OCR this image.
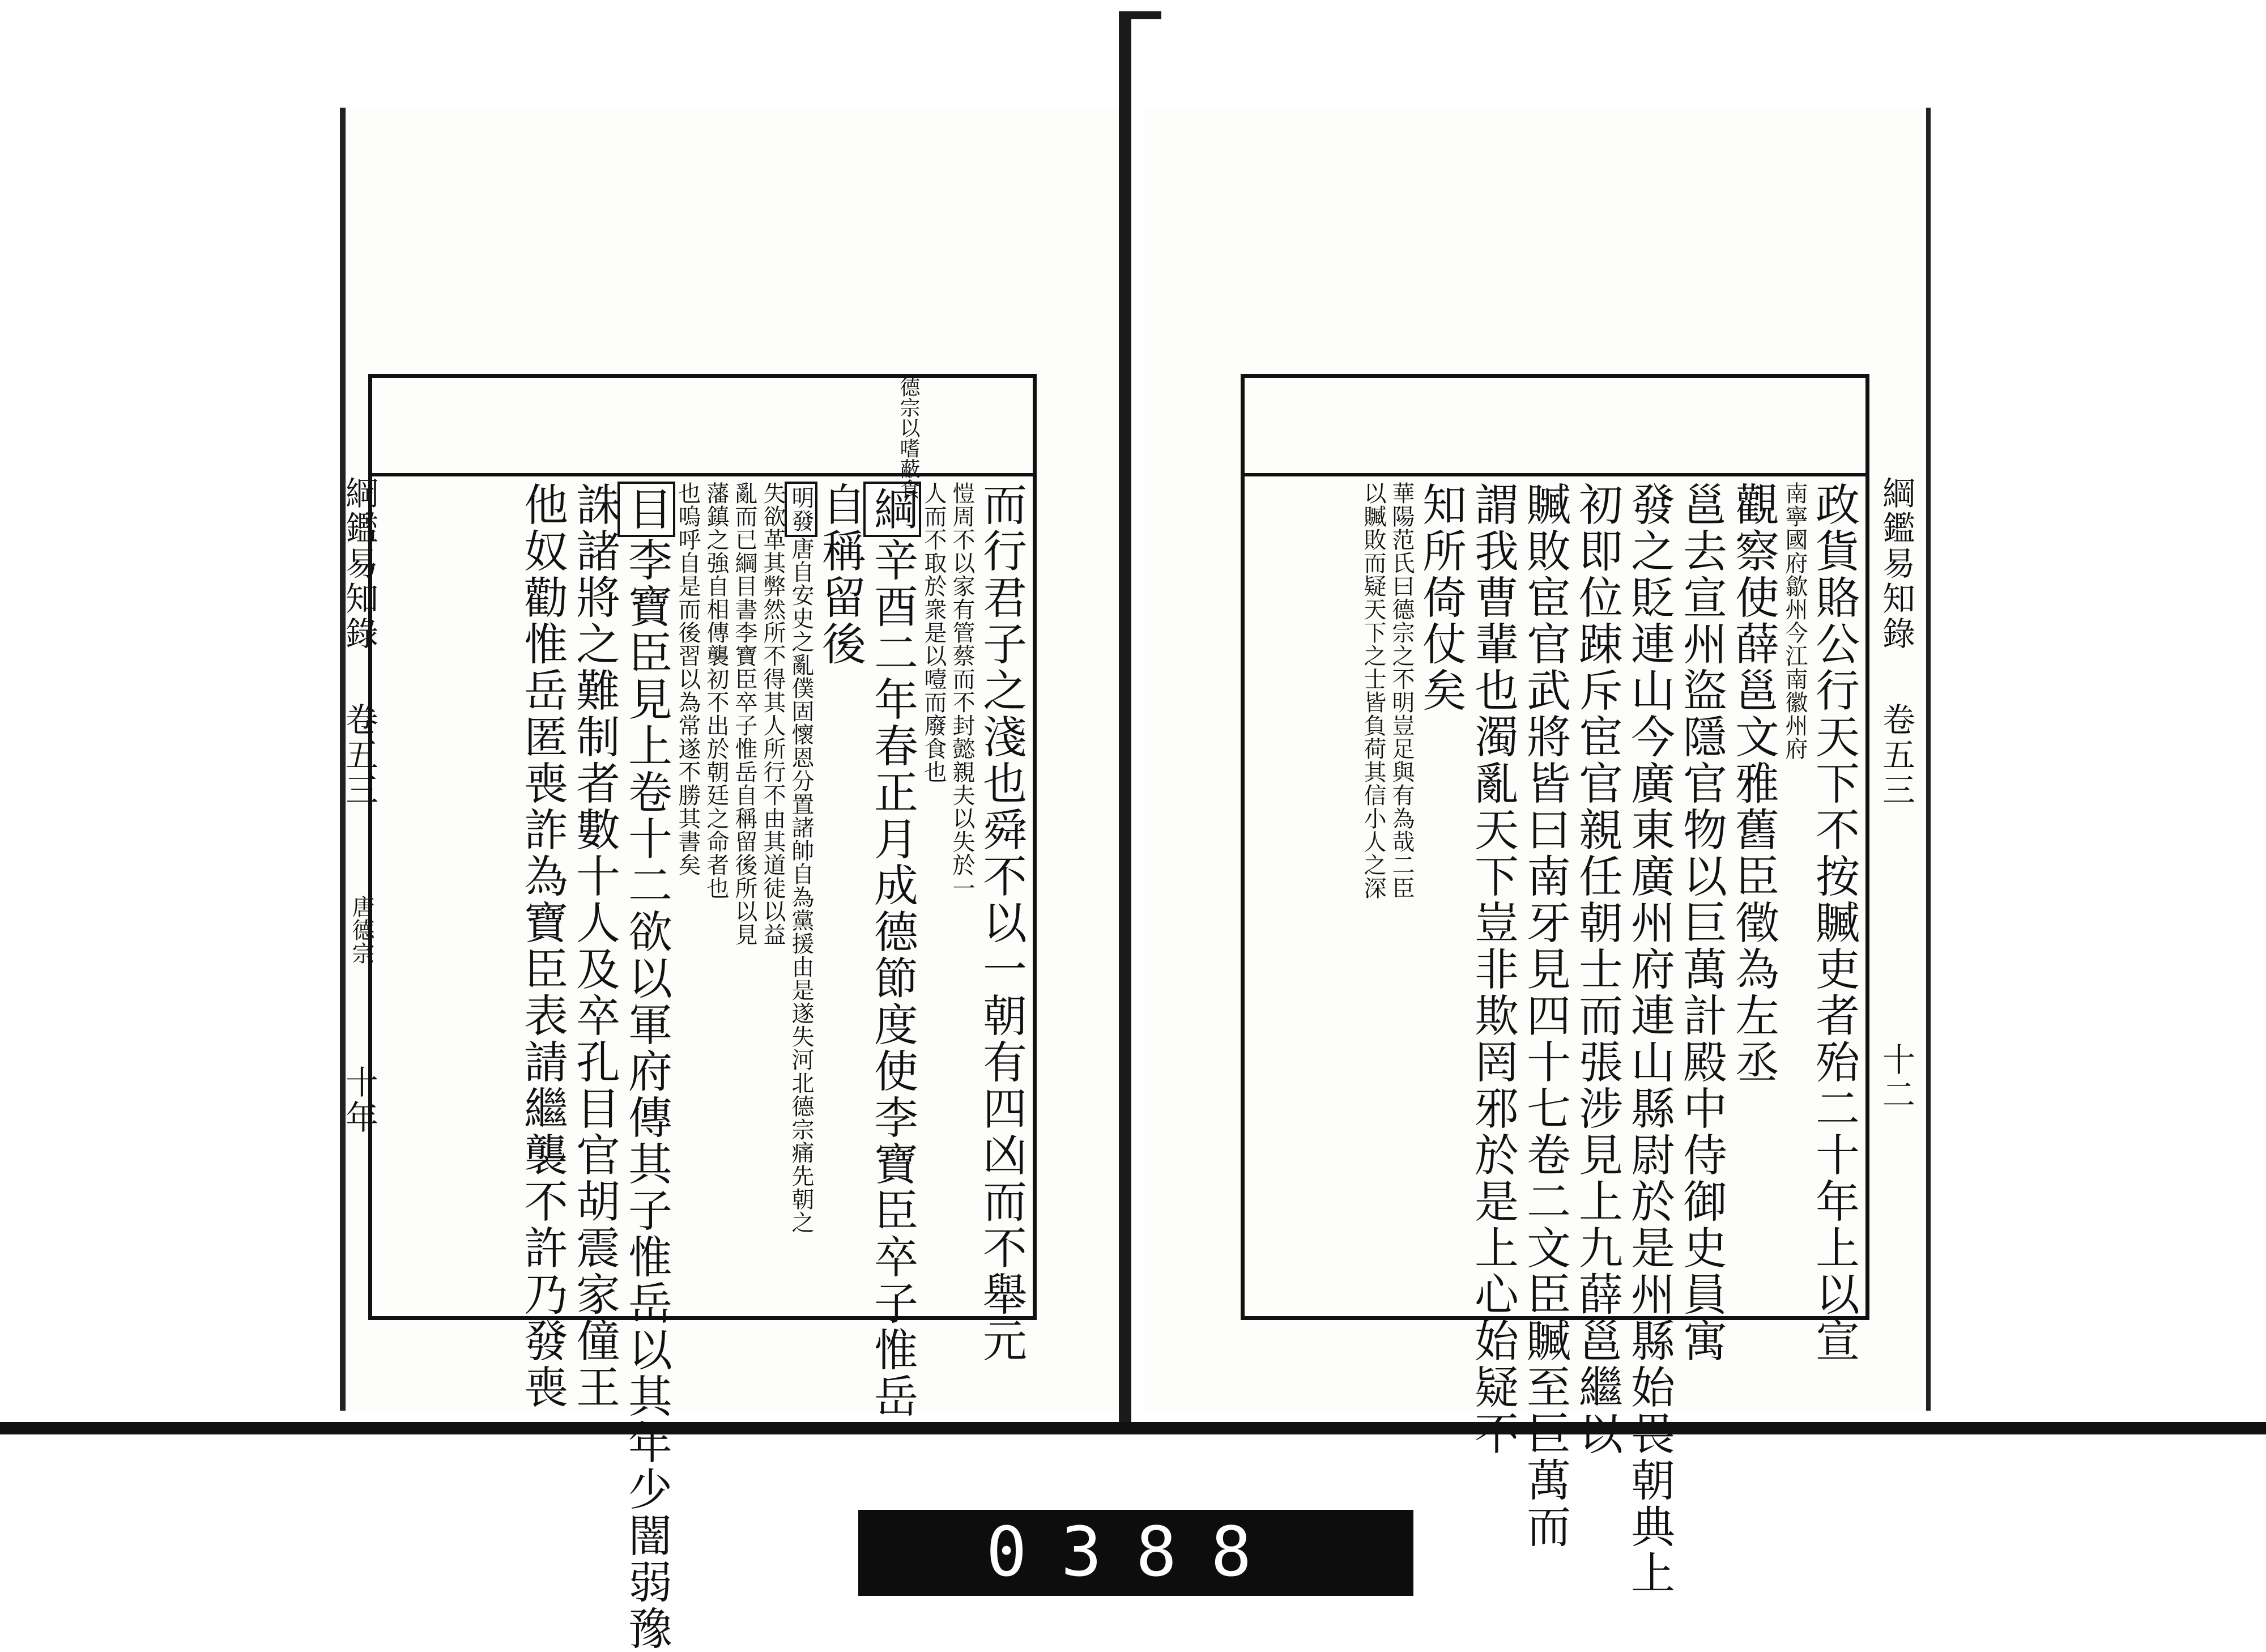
德宗以嗜蔽食
綱鑑易知錄
卷五三
唐德宗
十年	而行君子之淺也舜不以一朝有四凶而不舉元
愷周不以家有管蔡而不封懿親夫以失於一
人而不取於衆是以噎而廢食也
綱辛酉二年春正月成德節度使李寶臣卒子惟岳
自稱留後
明發唐自安史之亂僕固懷恩分置諸帥自為黨援由是遂失河北德宗痛先朝之
失欲革其弊然所不得其人所行不由其道徒以益
亂而已綱目書李寶臣卒子惟岳自稱留後所以見
藩鎮之強自相傳襲初不出於朝廷之命者也
也嗚呼自是而後習以為常遂不勝其書矣
目李寶臣見上卷十二欲以軍府傳其子惟岳以其年少闇弱豫
誅諸將之難制者數十人及卒孔目官胡震家僮王
他奴勸惟岳匿喪詐為寶臣表請繼襲不許乃發喪	綱鑑易知錄
卷五三
十二
政貨賂公行天下不按贓吏者殆二十年上以宣
南寧國府歙州今江南徽州府
觀察使薛邕文雅舊臣徵為左丞
邕去宣州盜隱官物以巨萬計殿中侍御史員寓
發之貶連山今廣東廣州府連山縣尉於是州縣始畏朝典上
初即位踈斥宦官親任朝士而張涉見上九薛邕繼以
贓敗宦官武將皆曰南牙見四十七卷二文臣贓至巨萬而
謂我曹輩也濁亂天下豈非欺罔邪於是上心始疑不
知所倚仗矣
華陽范氏曰德宗之不明豈足與有為哉二臣
以贓敗而疑天下之士皆負荷其信小人之深
0388
